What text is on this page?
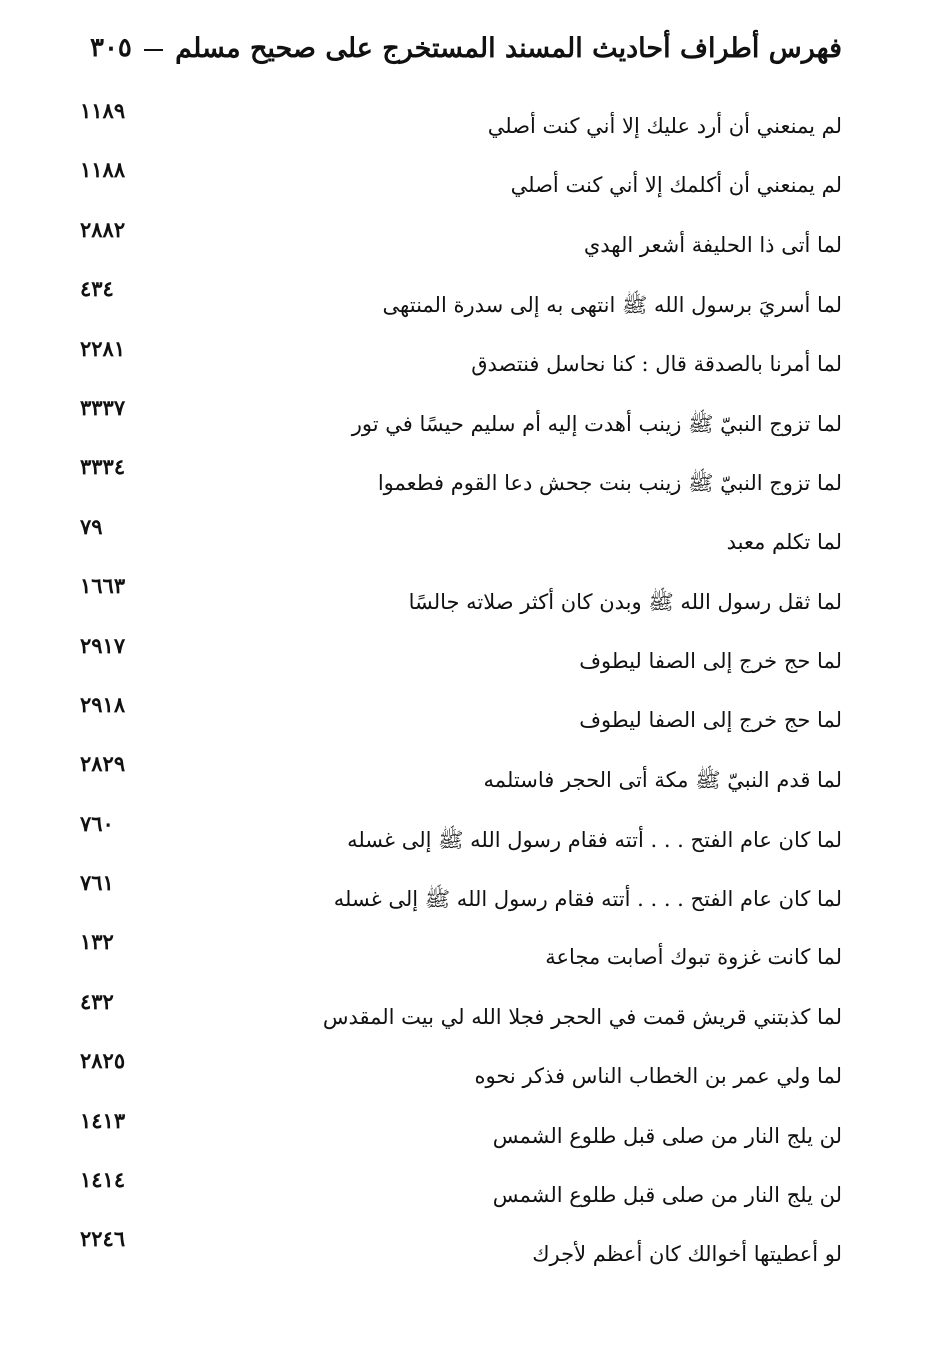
فهرس أطراف أحاديث المسند المستخرج على صحيح مسلم
٣٠٥
لم يمنعني أن أرد عليك إلا أني كنت أصلي
١١٨٩
لم يمنعني أن أكلمك إلا أني كنت أصلي
١١٨٨
لما أتى ذا الحليفة أشعر الهدي
٢٨٨٢
لما أسريَ برسول الله ﷺ انتهى به إلى سدرة المنتهى
٤٣٤
لما أمرنا بالصدقة قال : كنا نحاسل فنتصدق
٢٢٨١
لما تزوج النبيّ ﷺ زينب أهدت إليه أم سليم حيسًا في تور
٣٣٣٧
لما تزوج النبيّ ﷺ زينب بنت جحش دعا القوم فطعموا
٣٣٣٤
لما تكلم معبد
٧٩
لما ثقل رسول الله ﷺ وبدن كان أكثر صلاته جالسًا
١٦٦٣
لما حج خرج إلى الصفا ليطوف
٢٩١٧
لما حج خرج إلى الصفا ليطوف
٢٩١٨
لما قدم النبيّ ﷺ مكة أتى الحجر فاستلمه
٢٨٢٩
لما كان عام الفتح . . . أتته فقام رسول الله ﷺ إلى غسله
٧٦٠
لما كان عام الفتح . . . . أتته فقام رسول الله ﷺ إلى غسله
٧٦١
لما كانت غزوة تبوك أصابت مجاعة
١٣٢
لما كذبتني قريش قمت في الحجر فجلا الله لي بيت المقدس
٤٣٢
لما ولي عمر بن الخطاب الناس فذكر نحوه
٢٨٢٥
لن يلج النار من صلى قبل طلوع الشمس
١٤١٣
لن يلج النار من صلى قبل طلوع الشمس
١٤١٤
لو أعطيتها أخوالك كان أعظم لأجرك
٢٢٤٦
